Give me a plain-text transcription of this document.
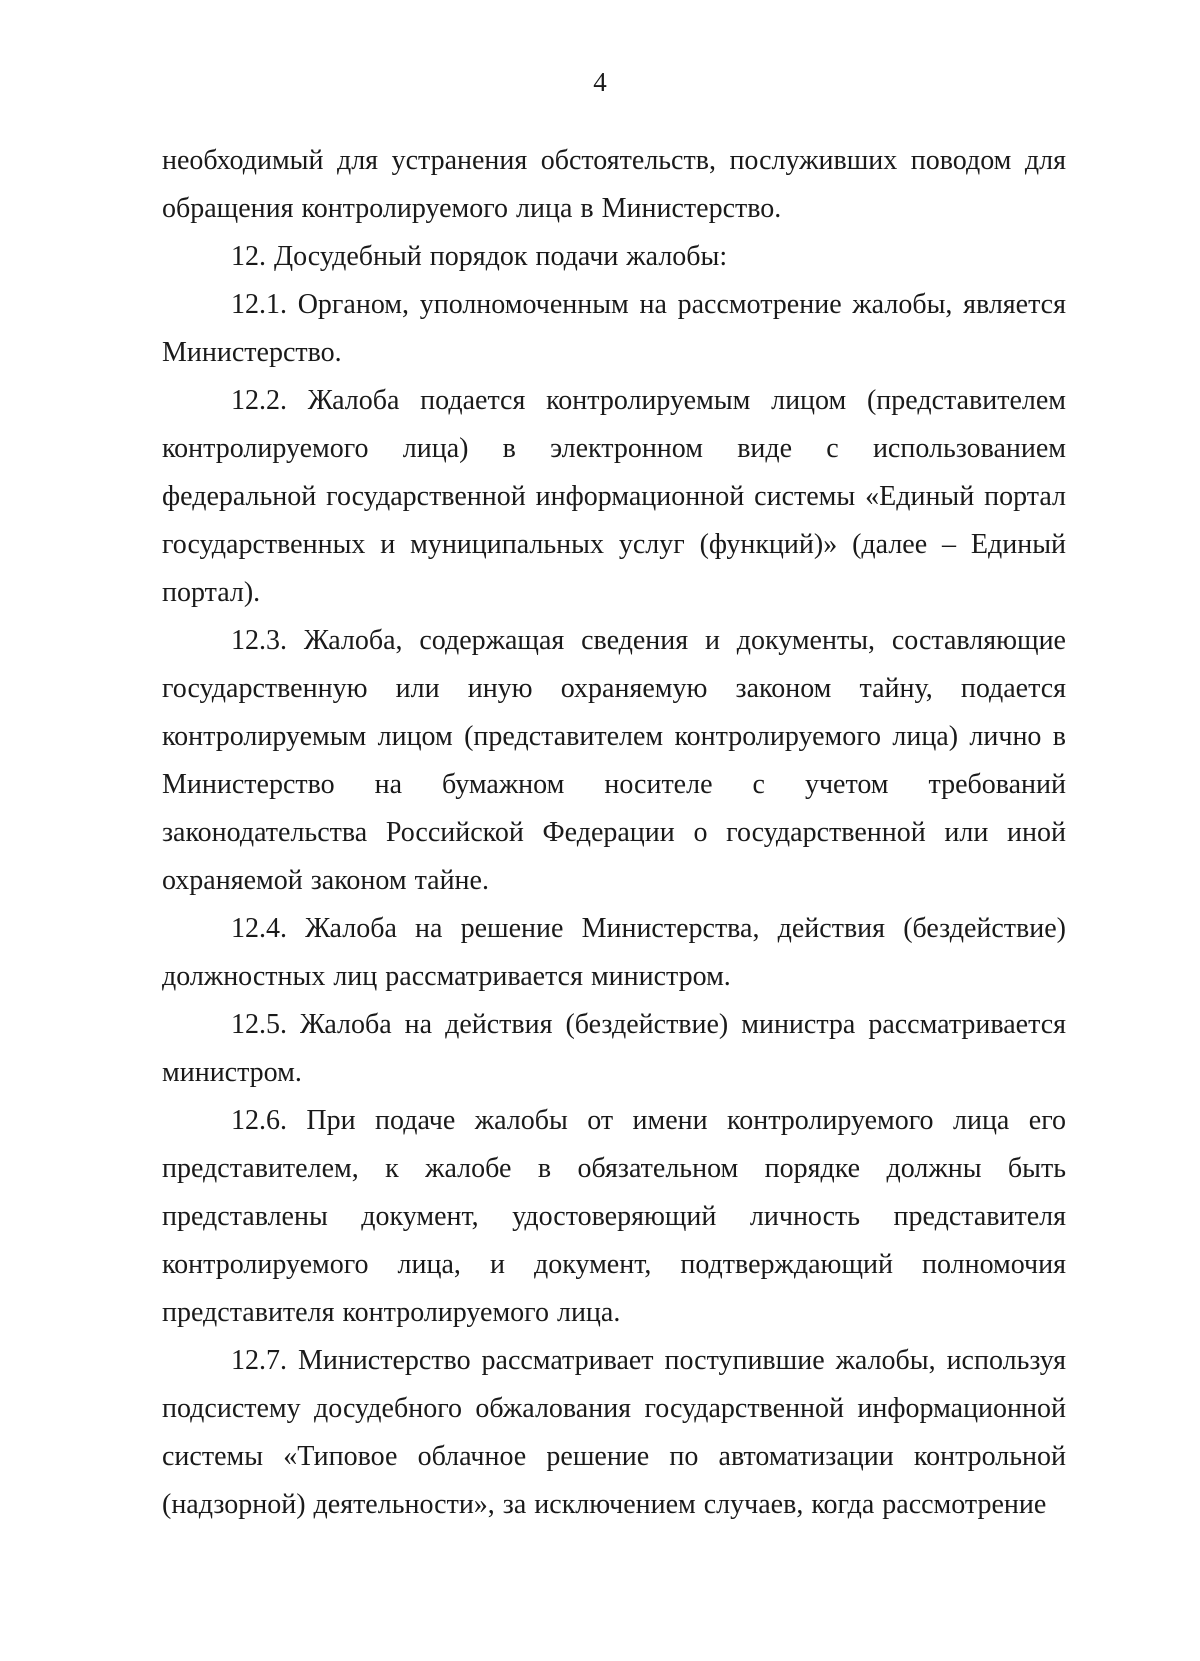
4

необходимый для устранения обстоятельств, послуживших поводом для обращения контролируемого лица в Министерство.

12. Досудебный порядок подачи жалобы:

12.1. Органом, уполномоченным на рассмотрение жалобы, является Министерство.

12.2. Жалоба подается контролируемым лицом (представителем контролируемого лица) в электронном виде с использованием федеральной государственной информационной системы «Единый портал государственных и муниципальных услуг (функций)» (далее – Единый портал).

12.3. Жалоба, содержащая сведения и документы, составляющие государственную или иную охраняемую законом тайну, подается контролируемым лицом (представителем контролируемого лица) лично в Министерство на бумажном носителе с учетом требований законодательства Российской Федерации о государственной или иной охраняемой законом тайне.

12.4. Жалоба на решение Министерства, действия (бездействие) должностных лиц рассматривается министром.

12.5. Жалоба на действия (бездействие) министра рассматривается министром.

12.6. При подаче жалобы от имени контролируемого лица его представителем, к жалобе в обязательном порядке должны быть представлены документ, удостоверяющий личность представителя контролируемого лица, и документ, подтверждающий полномочия представителя контролируемого лица.

12.7. Министерство рассматривает поступившие жалобы, используя подсистему досудебного обжалования государственной информационной системы «Типовое облачное решение по автоматизации контрольной (надзорной) деятельности», за исключением случаев, когда рассмотрение
